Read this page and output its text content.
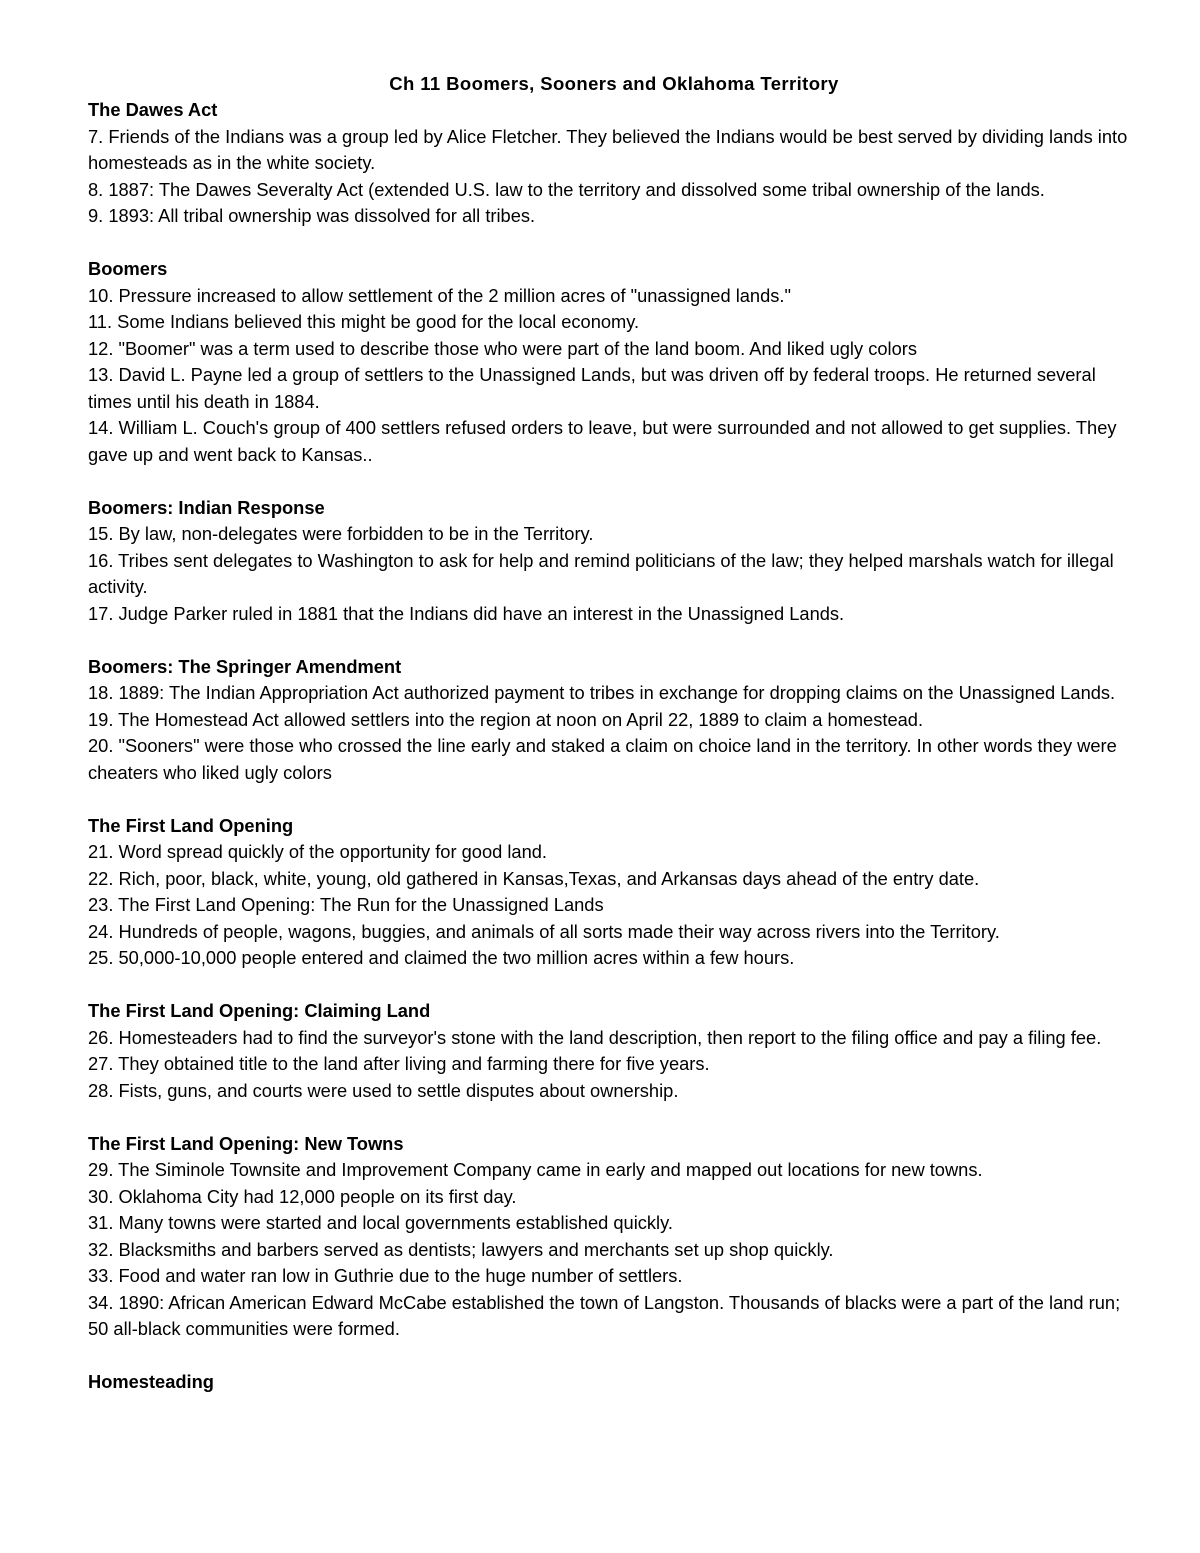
Ch 11 Boomers, Sooners and Oklahoma Territory
The Dawes Act
7. Friends of the Indians was a group led by Alice Fletcher. They believed the Indians would be best served by dividing lands into homesteads as in the white society.
8. 1887: The Dawes Severalty Act (extended U.S. law to the territory and dissolved some tribal ownership of the lands.
9. 1893: All tribal ownership was dissolved for all tribes.
Boomers
10. Pressure increased to allow settlement of the 2 million acres of "unassigned lands."
11. Some Indians believed this might be good for the local economy.
12. "Boomer" was a term used to describe those who were part of the land boom. And liked ugly colors
13. David L. Payne led a group of settlers to the Unassigned Lands, but was driven off by federal troops. He returned several times until his death in 1884.
14. William L. Couch's group of 400 settlers refused orders to leave, but were surrounded and not allowed to get supplies. They gave up and went back to Kansas..
Boomers: Indian Response
15. By law, non-delegates were forbidden to be in the Territory.
16. Tribes sent delegates to Washington to ask for help and remind politicians of the law; they helped marshals watch for illegal activity.
17. Judge Parker ruled in 1881 that the Indians did have an interest in the Unassigned Lands.
Boomers: The Springer Amendment
18. 1889: The Indian Appropriation Act authorized payment to tribes in exchange for dropping claims on the Unassigned Lands.
19. The Homestead Act allowed settlers into the region at noon on April 22, 1889 to claim a homestead.
20. "Sooners" were those who crossed the line early and staked a claim on choice land in the territory. In other words they were cheaters who liked ugly colors
The First Land Opening
21. Word spread quickly of the opportunity for good land.
22. Rich, poor, black, white, young, old gathered in Kansas,Texas, and Arkansas days ahead of the entry date.
23. The First Land Opening: The Run for the Unassigned Lands
24. Hundreds of people, wagons, buggies, and animals of all sorts made their way across rivers into the Territory.
25. 50,000-10,000 people entered and claimed the two million acres within a few hours.
The First Land Opening: Claiming Land
26. Homesteaders had to find the surveyor's stone with the land description, then report to the filing office and pay a filing fee.
27. They obtained title to the land after living and farming there for five years.
28. Fists, guns, and courts were used to settle disputes about ownership.
The First Land Opening: New Towns
29. The Siminole Townsite and Improvement Company came in early and mapped out locations for new towns.
30. Oklahoma City had 12,000 people on its first day.
31. Many towns were started and local governments established quickly.
32. Blacksmiths and barbers served as dentists; lawyers and merchants set up shop quickly.
33. Food and water ran low in Guthrie due to the huge number of settlers.
34. 1890: African American Edward McCabe established the town of Langston. Thousands of blacks were a part of the land run; 50 all-black communities were formed.
Homesteading
